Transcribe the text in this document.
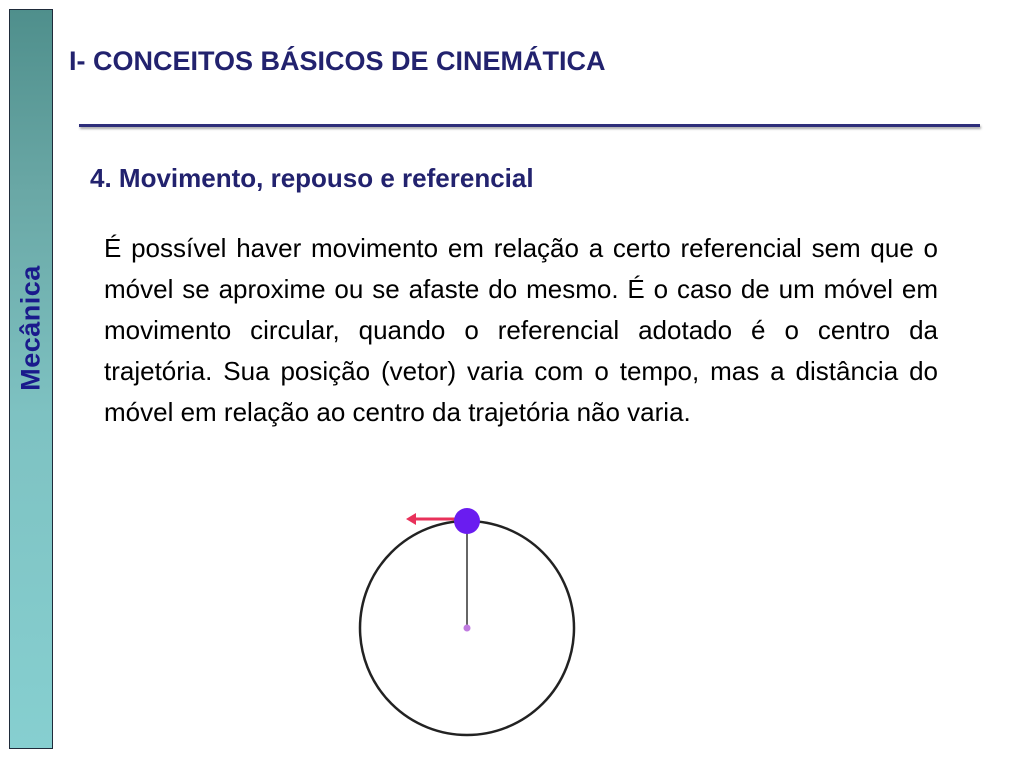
Mecânica
I- CONCEITOS BÁSICOS DE CINEMÁTICA
4. Movimento, repouso e referencial

É possível haver movimento em relação a certo referencial sem que o móvel se aproxime ou se afaste do mesmo. É o caso de um móvel em movimento circular, quando o referencial adotado é o centro da trajetória. Sua posição (vetor) varia com o tempo, mas a distância do móvel em relação ao centro da trajetória não varia.
